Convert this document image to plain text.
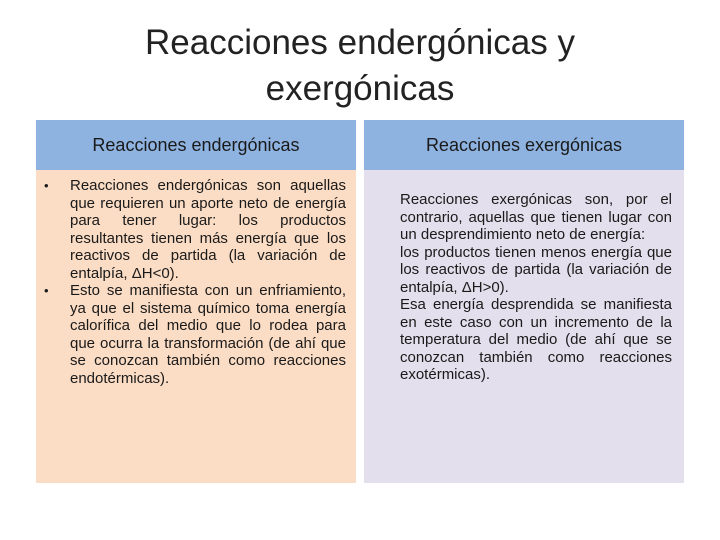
Reacciones endergónicas y exergónicas
Reacciones endergónicas	Reacciones exergónicas
• Reacciones endergónicas son aquellas que requieren un aporte neto de energía para tener lugar: los productos resultantes tienen más energía que los reactivos de partida (la variación de entalpía, ΔH<0).
• Esto se manifiesta con un enfriamiento, ya que el sistema químico toma energía calorífica del medio que lo rodea para que ocurra la transformación (de ahí que se conozcan también como reacciones endotérmicas).

Reacciones exergónicas son, por el contrario, aquellas que tienen lugar con un desprendimiento neto de energía:

los productos tienen menos energía que los reactivos de partida (la variación de entalpía, ΔH>0).

Esa energía desprendida se manifiesta en este caso con un incremento de la temperatura del medio (de ahí que se conozcan también como reacciones exotérmicas).
